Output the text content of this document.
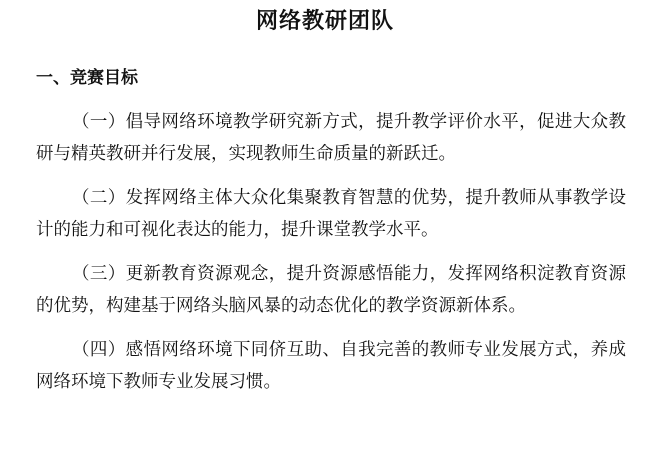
网络教研团队
一、竞赛目标

（一）倡导网络环境教学研究新方式，提升教学评价水平，促进大众教研与精英教研并行发展，实现教师生命质量的新跃迁。

（二）发挥网络主体大众化集聚教育智慧的优势，提升教师从事教学设计的能力和可视化表达的能力，提升课堂教学水平。

（三）更新教育资源观念，提升资源感悟能力，发挥网络积淀教育资源的优势，构建基于网络头脑风暴的动态优化的教学资源新体系。

（四）感悟网络环境下同侪互助、自我完善的教师专业发展方式，养成网络环境下教师专业发展习惯。
